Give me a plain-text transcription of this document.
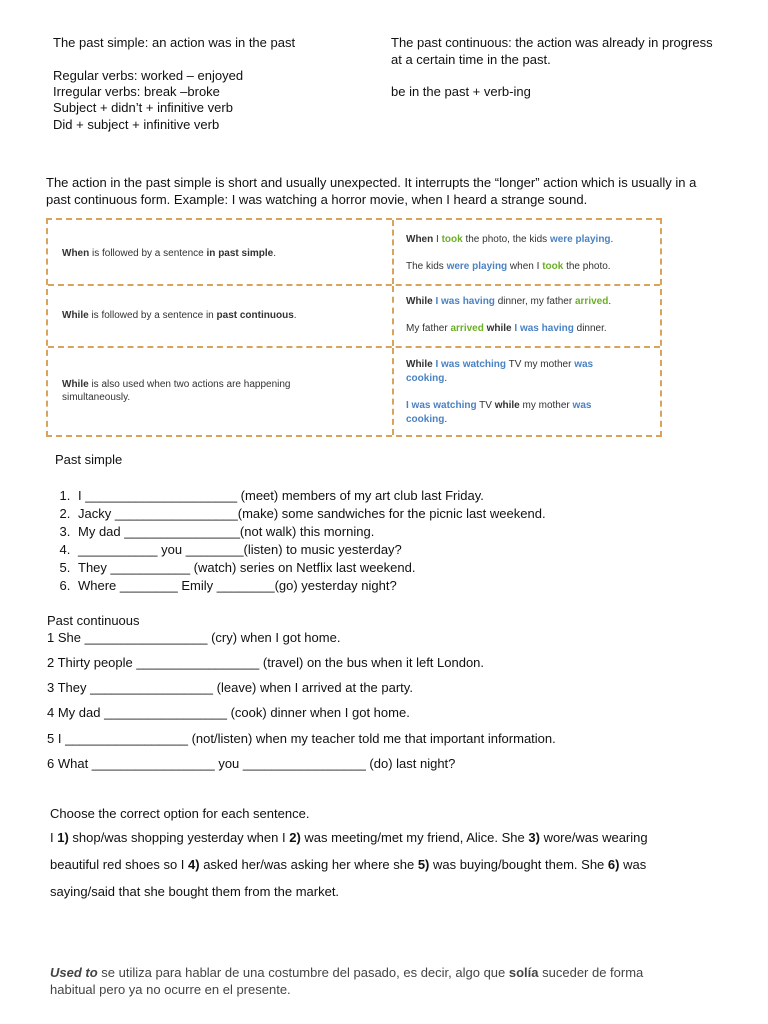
The past simple: an action was in the past
Regular verbs: worked – enjoyed
Irregular verbs: break –broke
Subject + didn’t + infinitive verb
Did + subject + infinitive verb
The past continuous: the action was already in progress
at a certain time in the past.
be in the past + verb-ing
The action in the past simple is short and usually unexpected. It interrupts the “longer” action which is usually in a
past continuous form. Example: I was watching a horror movie, when I heard a strange sound.
When is followed by a sentence in past simple.
When I took the photo, the kids were playing.
The kids were playing when I took the photo.
While is followed by a sentence in past continuous.
While I was having dinner, my father arrived.
My father arrived while I was having dinner.
While is also used when two actions are happening
simultaneously.
While I was watching TV my mother was
cooking.
I was watching TV while my mother was
cooking.
Past simple
1. I _____________________ (meet) members of my art club last Friday.
2. Jacky _________________(make) some sandwiches for the picnic last weekend.
3. My dad ________________(not walk) this morning.
4. ___________ you ________(listen) to music yesterday?
5. They ___________ (watch) series on Netflix last weekend.
6. Where ________ Emily ________(go) yesterday night?
Past continuous
1 She _________________ (cry) when I got home.
2 Thirty people _________________ (travel) on the bus when it left London.
3 They _________________ (leave) when I arrived at the party.
4 My dad _________________ (cook) dinner when I got home.
5 I _________________ (not/listen) when my teacher told me that important information.
6 What _________________ you _________________ (do) last night?
Choose the correct option for each sentence.

I 1) shop/was shopping yesterday when I 2) was meeting/met my friend, Alice. She 3) wore/was wearing

beautiful red shoes so I 4) asked her/was asking her where she 5) was buying/bought them. She 6) was

saying/said that she bought them from the market.

Used to se utiliza para hablar de una costumbre del pasado, es decir, algo que solía suceder de forma
habitual pero ya no ocurre en el presente.
